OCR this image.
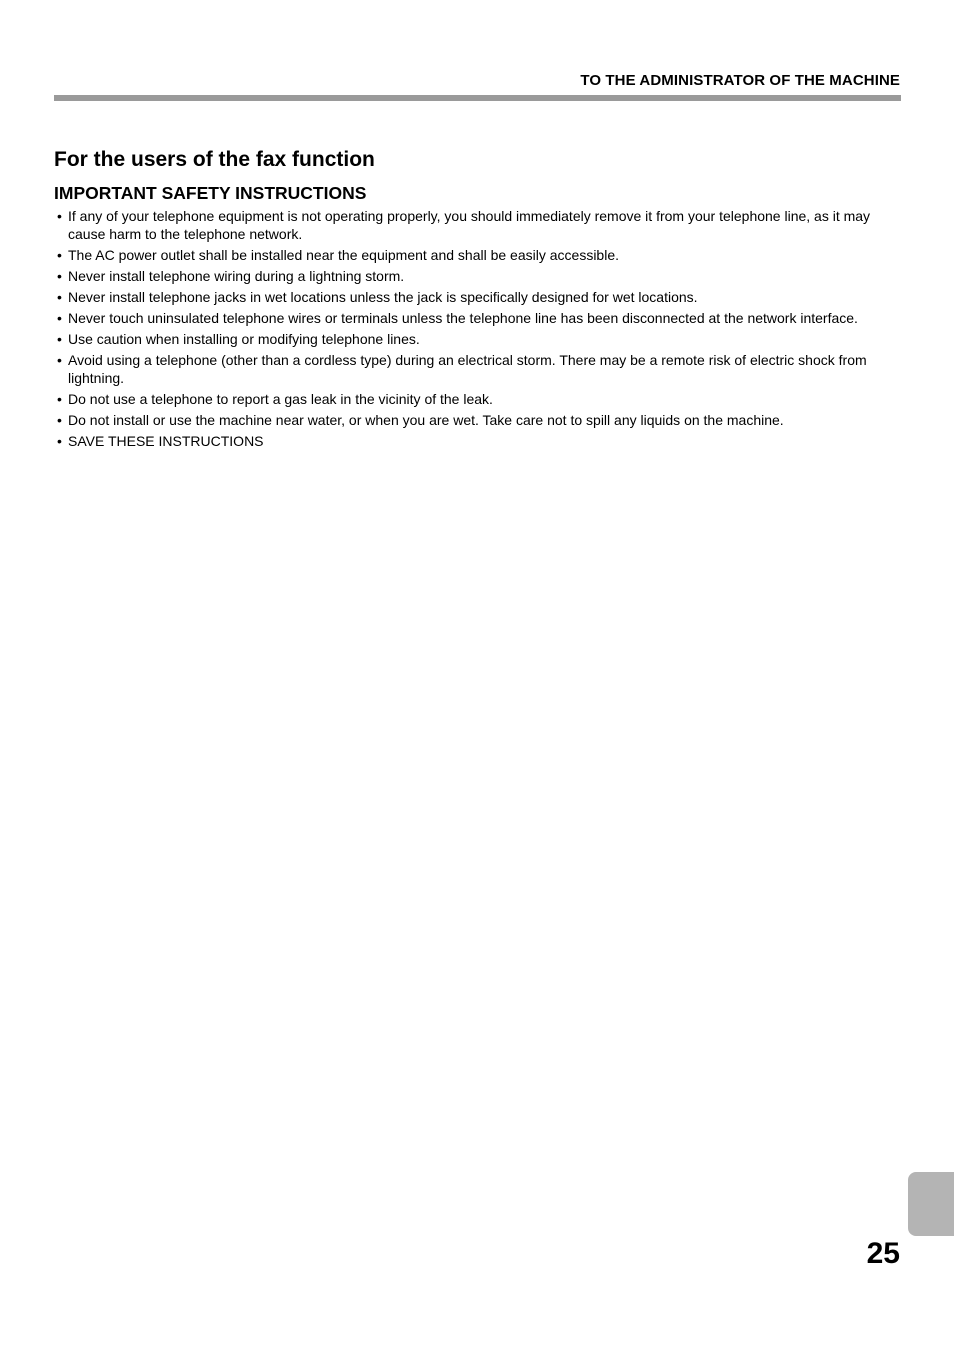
TO THE ADMINISTRATOR OF THE MACHINE
For the users of the fax function
IMPORTANT SAFETY INSTRUCTIONS
• If any of your telephone equipment is not operating properly, you should immediately remove it from your telephone line, as it may cause harm to the telephone network.
• The AC power outlet shall be installed near the equipment and shall be easily accessible.
• Never install telephone wiring during a lightning storm.
• Never install telephone jacks in wet locations unless the jack is specifically designed for wet locations.
• Never touch uninsulated telephone wires or terminals unless the telephone line has been disconnected at the network interface.
• Use caution when installing or modifying telephone lines.
• Avoid using a telephone (other than a cordless type) during an electrical storm. There may be a remote risk of electric shock from lightning.
• Do not use a telephone to report a gas leak in the vicinity of the leak.
• Do not install or use the machine near water, or when you are wet. Take care not to spill any liquids on the machine.
• SAVE THESE INSTRUCTIONS
25
